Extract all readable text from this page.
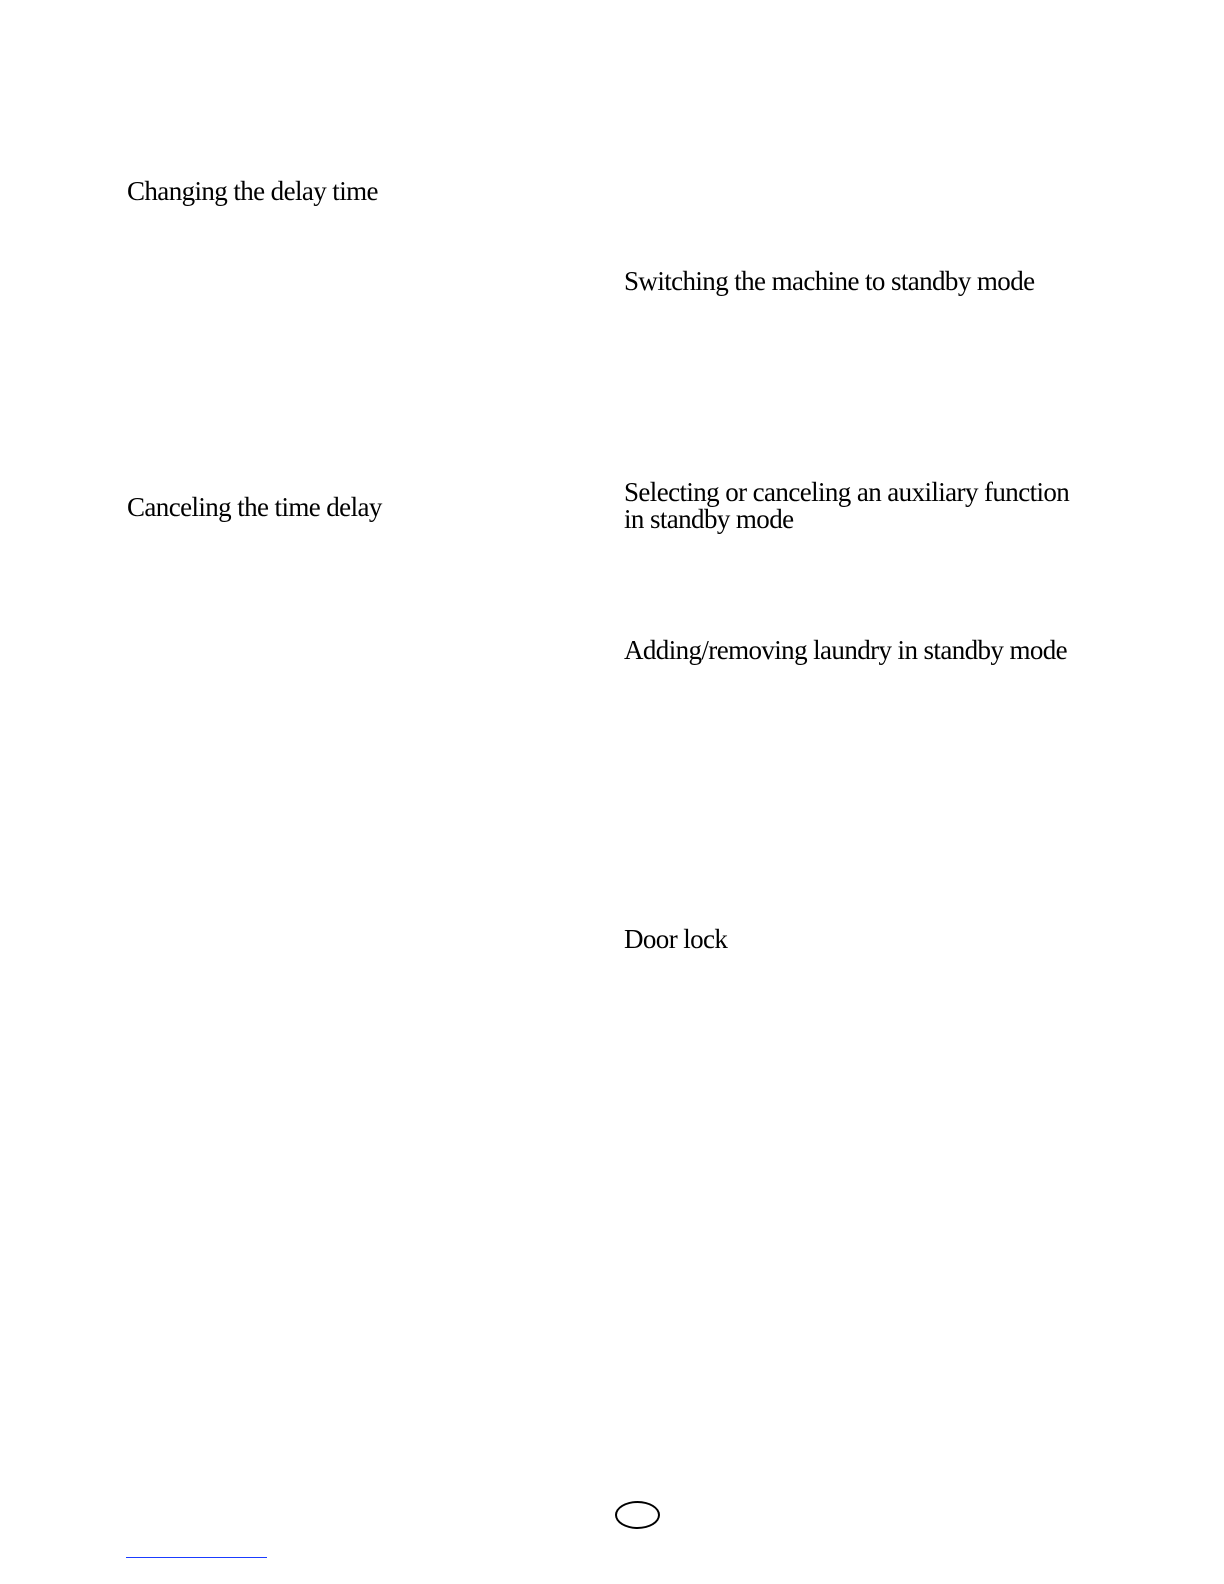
Changing the delay time
Canceling the time delay
Switching the machine to standby mode
Selecting or canceling an auxiliary function
in standby mode
Adding/removing laundry in standby mode
Door lock
